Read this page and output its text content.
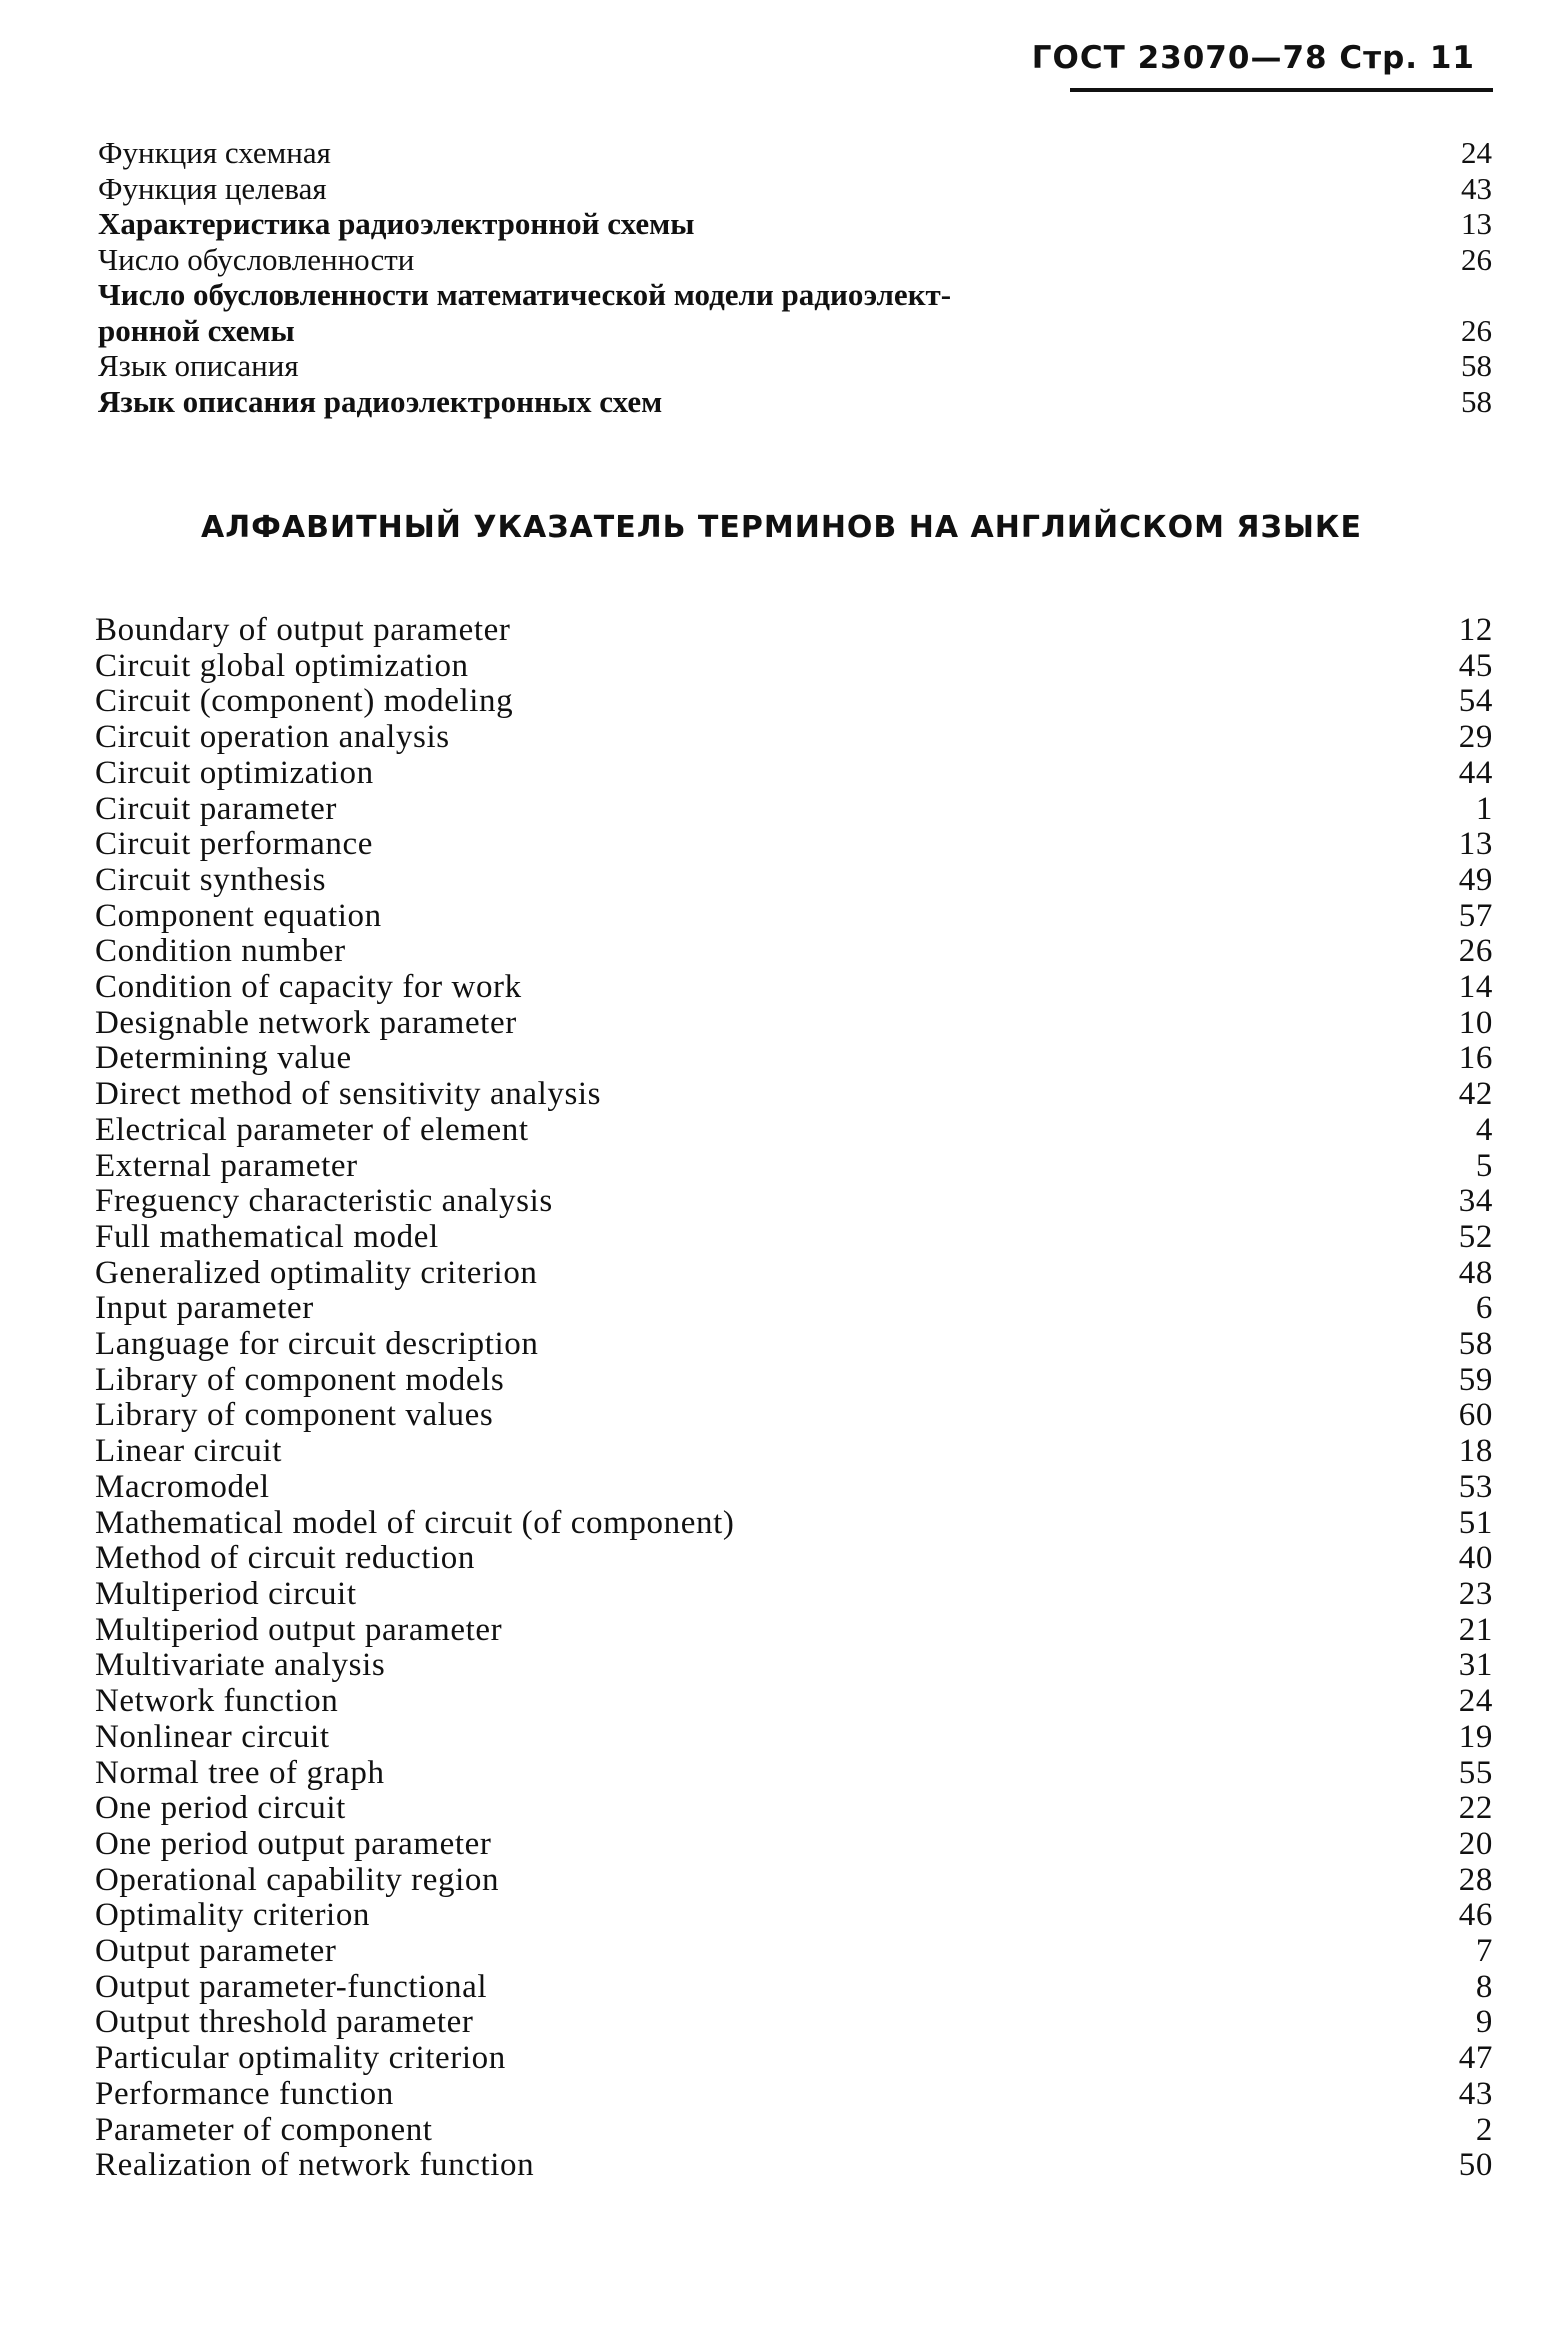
ГОСТ 23070—78 Стр. 11
Функция схемная	24
Функция целевая	43
Характеристика радиоэлектронной схемы	13
Число обусловленности	26
Число обусловленности математической модели радиоэлект-
ронной схемы	26
Язык описания	58
Язык описания радиоэлектронных схем	58
АЛФАВИТНЫЙ УКАЗАТЕЛЬ ТЕРМИНОВ НА АНГЛИЙСКОМ ЯЗЫКЕ
Boundary of output parameter	12
Circuit global optimization	45
Circuit (component) modeling	54
Circuit operation analysis	29
Circuit optimization	44
Circuit parameter	1
Circuit performance	13
Circuit synthesis	49
Component equation	57
Condition number	26
Condition of capacity for work	14
Designable network parameter	10
Determining value	16
Direct method of sensitivity analysis	42
Electrical parameter of element	4
External parameter	5
Freguency characteristic analysis	34
Full mathematical model	52
Generalized optimality criterion	48
Input parameter	6
Language for circuit description	58
Library of component models	59
Library of component values	60
Linear circuit	18
Macromodel	53
Mathematical model of circuit (of component)	51
Method of circuit reduction	40
Multiperiod circuit	23
Multiperiod output parameter	21
Multivariate analysis	31
Network function	24
Nonlinear circuit	19
Normal tree of graph	55
One period circuit	22
One period output parameter	20
Operational capability region	28
Optimality criterion	46
Output parameter	7
Output parameter-functional	8
Output threshold parameter	9
Particular optimality criterion	47
Performance function	43
Parameter of component	2
Realization of network function	50
